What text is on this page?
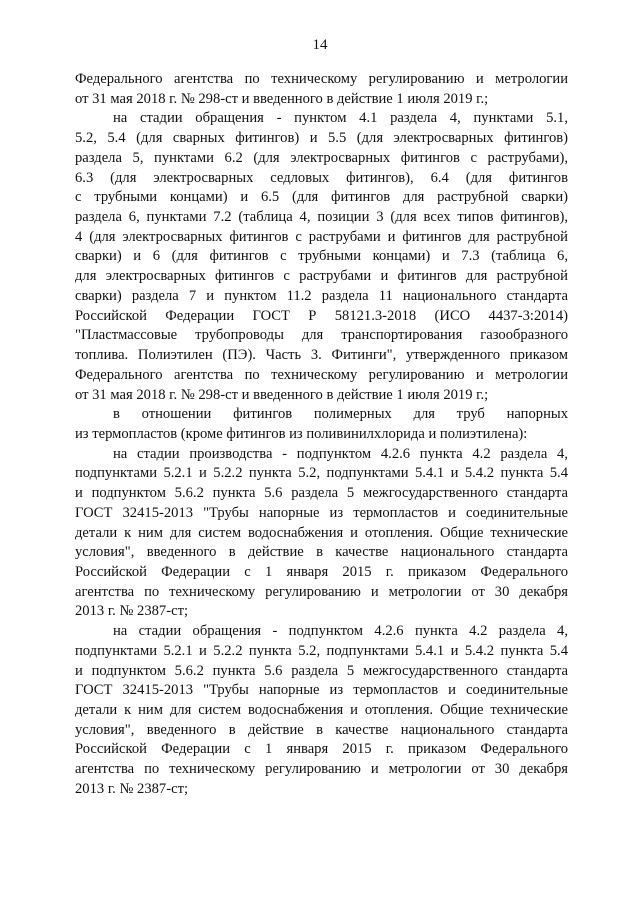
14
Федерального агентства по техническому регулированию и метрологии
от 31 мая 2018 г. № 298-ст и введенного в действие 1 июля 2019 г.;
на стадии обращения - пунктом 4.1 раздела 4, пунктами 5.1,
5.2, 5.4 (для сварных фитингов) и 5.5 (для электросварных фитингов)
раздела 5, пунктами 6.2 (для электросварных фитингов с раструбами),
6.3 (для электросварных седловых фитингов), 6.4 (для фитингов
с трубными концами) и 6.5 (для фитингов для раструбной сварки)
раздела 6, пунктами 7.2 (таблица 4, позиции 3 (для всех типов фитингов),
4 (для электросварных фитингов с раструбами и фитингов для раструбной
сварки) и 6 (для фитингов с трубными концами) и 7.3 (таблица 6,
для электросварных фитингов с раструбами и фитингов для раструбной
сварки) раздела 7 и пунктом 11.2 раздела 11 национального стандарта
Российской Федерации ГОСТ Р 58121.3-2018 (ИСО 4437-3:2014)
"Пластмассовые трубопроводы для транспортирования газообразного
топлива. Полиэтилен (ПЭ). Часть 3. Фитинги", утвержденного приказом
Федерального агентства по техническому регулированию и метрологии
от 31 мая 2018 г. № 298-ст и введенного в действие 1 июля 2019 г.;
в отношении фитингов полимерных для труб напорных
из термопластов (кроме фитингов из поливинилхлорида и полиэтилена):
на стадии производства - подпунктом 4.2.6 пункта 4.2 раздела 4,
подпунктами 5.2.1 и 5.2.2 пункта 5.2, подпунктами 5.4.1 и 5.4.2 пункта 5.4
и подпунктом 5.6.2 пункта 5.6 раздела 5 межгосударственного стандарта
ГОСТ 32415-2013 "Трубы напорные из термопластов и соединительные
детали к ним для систем водоснабжения и отопления. Общие технические
условия", введенного в действие в качестве национального стандарта
Российской Федерации с 1 января 2015 г. приказом Федерального
агентства по техническому регулированию и метрологии от 30 декабря
2013 г. № 2387-ст;
на стадии обращения - подпунктом 4.2.6 пункта 4.2 раздела 4,
подпунктами 5.2.1 и 5.2.2 пункта 5.2, подпунктами 5.4.1 и 5.4.2 пункта 5.4
и подпунктом 5.6.2 пункта 5.6 раздела 5 межгосударственного стандарта
ГОСТ 32415-2013 "Трубы напорные из термопластов и соединительные
детали к ним для систем водоснабжения и отопления. Общие технические
условия", введенного в действие в качестве национального стандарта
Российской Федерации с 1 января 2015 г. приказом Федерального
агентства по техническому регулированию и метрологии от 30 декабря
2013 г. № 2387-ст;
